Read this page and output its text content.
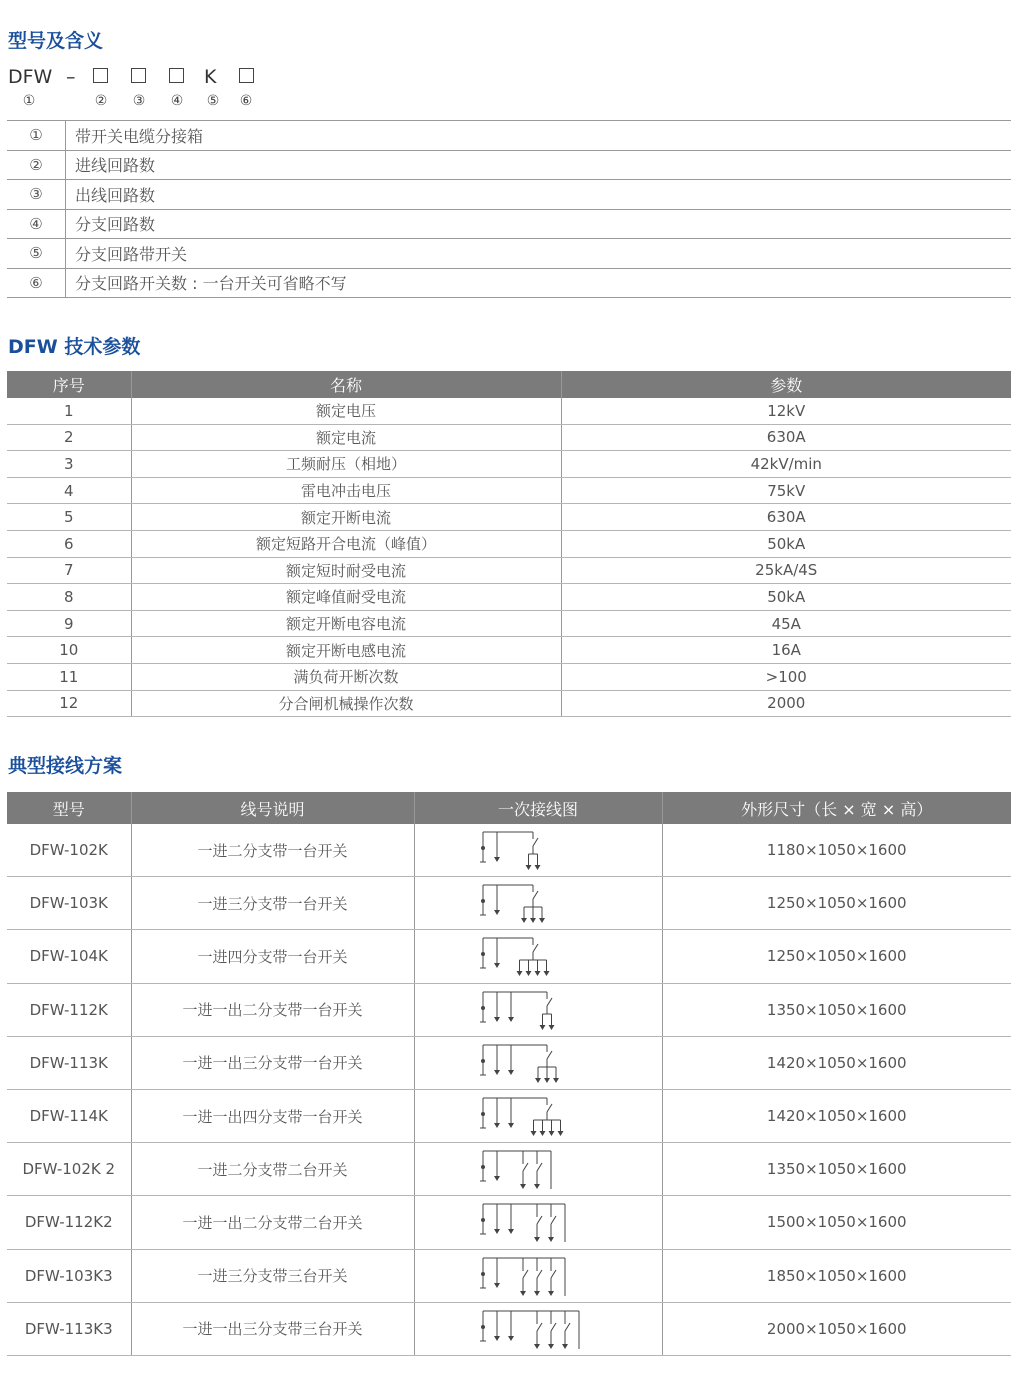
型号及含义
DFW –	K
①	② ③ ④ ⑤ ⑥
①	带开关电缆分接箱
②	进线回路数
③	出线回路数
④	分支回路数
⑤	分支回路带开关
⑥	分支回路开关数 : 一台开关可省略不写
DFW 技术参数
序号	名称	参数
1	额定电压	12kV
2	额定电流	630A
3	工频耐压（相地）	42kV/min
4	雷电冲击电压	75kV
5	额定开断电流	630A
6	额定短路开合电流（峰值）	50kA
7	额定短时耐受电流	25kA/4S
8	额定峰值耐受电流	50kA
9	额定开断电容电流	45A
10	额定开断电感电流	16A
11	满负荷开断次数	>100
12	分合闸机械操作次数	2000
典型接线方案
型号	线号说明	一次接线图	外形尺寸（长 × 宽 × 高）
DFW-102K	一进二分支带一台开关		1180×1050×1600
DFW-103K	一进三分支带一台开关		1250×1050×1600
DFW-104K	一进四分支带一台开关		1250×1050×1600
DFW-112K	一进一出二分支带一台开关		1350×1050×1600
DFW-113K	一进一出三分支带一台开关		1420×1050×1600
DFW-114K	一进一出四分支带一台开关		1420×1050×1600
DFW-102K 2	一进二分支带二台开关		1350×1050×1600
DFW-112K2	一进一出二分支带二台开关		1500×1050×1600
DFW-103K3	一进三分支带三台开关		1850×1050×1600
DFW-113K3	一进一出三分支带三台开关		2000×1050×1600
